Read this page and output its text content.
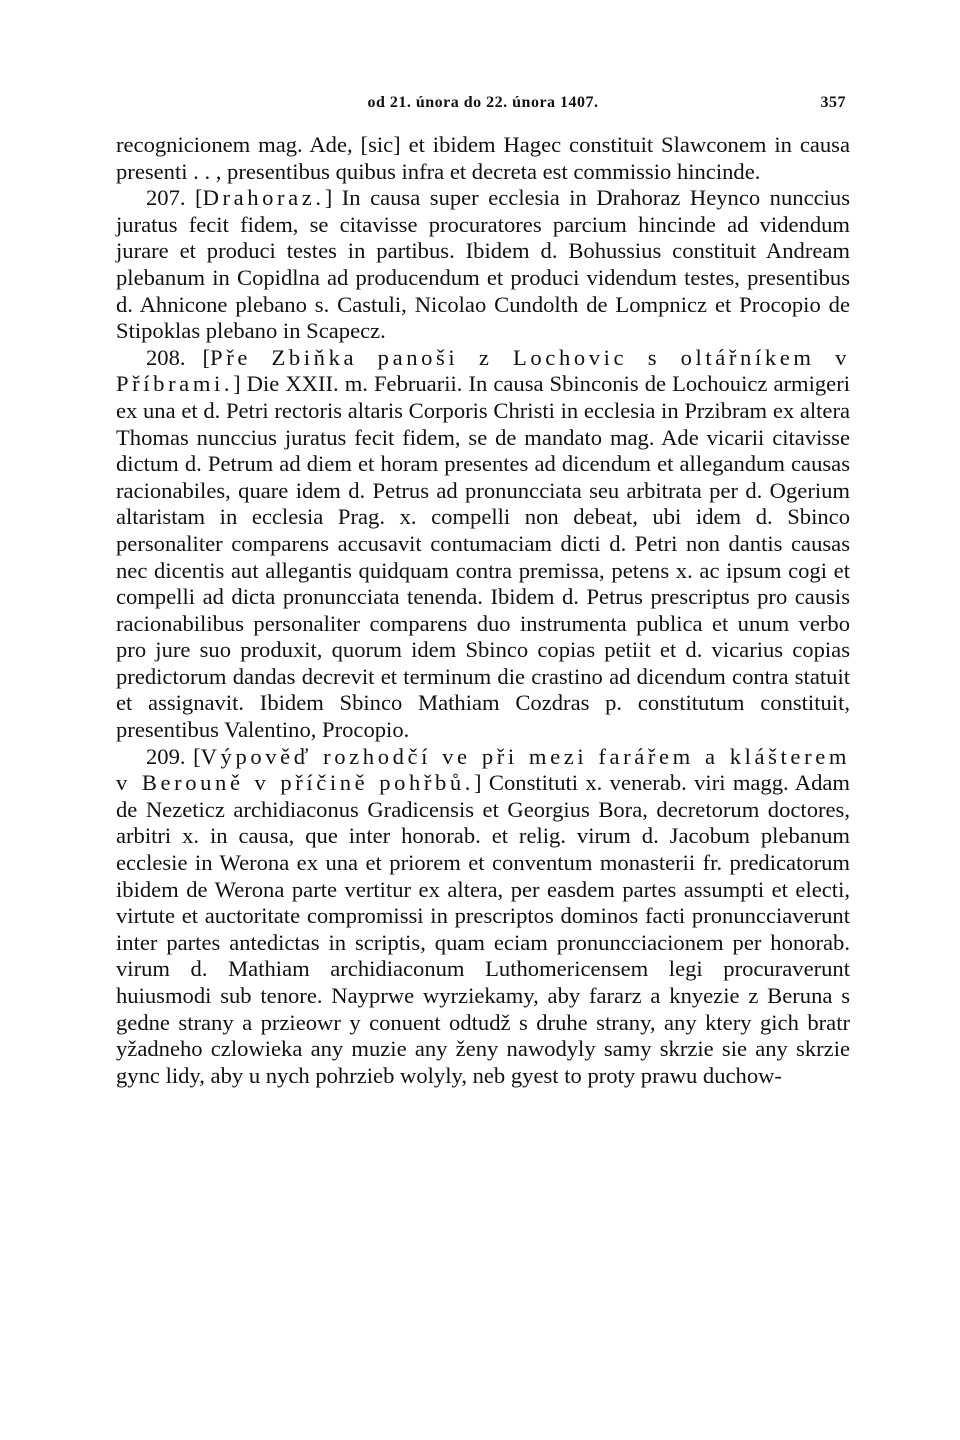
od 21. února do 22. února 1407.	357

recognicionem mag. Ade, [sic] et ibidem Hagec constituit Slawconem in causa presenti . . , presentibus quibus infra et decreta est commissio hincinde.

207. [Drahoraz.] In causa super ecclesia in Drahoraz Heynco nunccius juratus fecit fidem, se citavisse procuratores parcium hincinde ad videndum jurare et produci testes in partibus. Ibidem d. Bohussius constituit Andream plebanum in Copidlna ad producendum et produci videndum testes, presentibus d. Ahnicone plebano s. Castuli, Nicolao Cundolth de Lompnicz et Procopio de Stipoklas plebano in Scapecz.

208. [Pře Zbiňka panoši z Lochovic s oltářníkem v Příbrami.] Die XXII. m. Februarii. In causa Sbinconis de Lochouicz armigeri ex una et d. Petri rectoris altaris Corporis Christi in ecclesia in Przibram ex altera Thomas nunccius juratus fecit fidem, se de mandato mag. Ade vicarii citavisse dictum d. Petrum ad diem et horam presentes ad dicendum et allegandum causas racionabiles, quare idem d. Petrus ad pronuncciata seu arbitrata per d. Ogerium altaristam in ecclesia Prag. x. compelli non debeat, ubi idem d. Sbinco personaliter comparens accusavit contumaciam dicti d. Petri non dantis causas nec dicentis aut allegantis quidquam contra premissa, petens x. ac ipsum cogi et compelli ad dicta pronuncciata tenenda. Ibidem d. Petrus prescriptus pro causis racionabilibus personaliter comparens duo instrumenta publica et unum verbo pro jure suo produxit, quorum idem Sbinco copias petiit et d. vicarius copias predictorum dandas decrevit et terminum die crastino ad dicendum contra statuit et assignavit. Ibidem Sbinco Mathiam Cozdras p. constitutum constituit, presentibus Valentino, Procopio.

209. [Výpověď rozhodčí ve při mezi farářem a klášterem v Berouně v příčině pohřbů.] Constituti x. venerab. viri magg. Adam de Nezeticz archidiaconus Gradicensis et Georgius Bora, decretorum doctores, arbitri x. in causa, que inter honorab. et relig. virum d. Jacobum plebanum ecclesie in Werona ex una et priorem et conventum monasterii fr. predicatorum ibidem de Werona parte vertitur ex altera, per easdem partes assumpti et electi, virtute et auctoritate compromissi in prescriptos dominos facti pronuncciaverunt inter partes antedictas in scriptis, quam eciam pronuncciacionem per honorab. virum d. Mathiam archidiaconum Luthomericensem legi procuraverunt huiusmodi sub tenore. Nayprwe wyrziekamy, aby fararz a knyezie z Beruna s gedne strany a przieowr y conuent odtudž s druhe strany, any ktery gich bratr yžadneho czlowieka any muzie any ženy nawodyly samy skrzie sie any skrzie gync lidy, aby u nych pohrzieb wolyly, neb gyest to proty prawu duchow-
